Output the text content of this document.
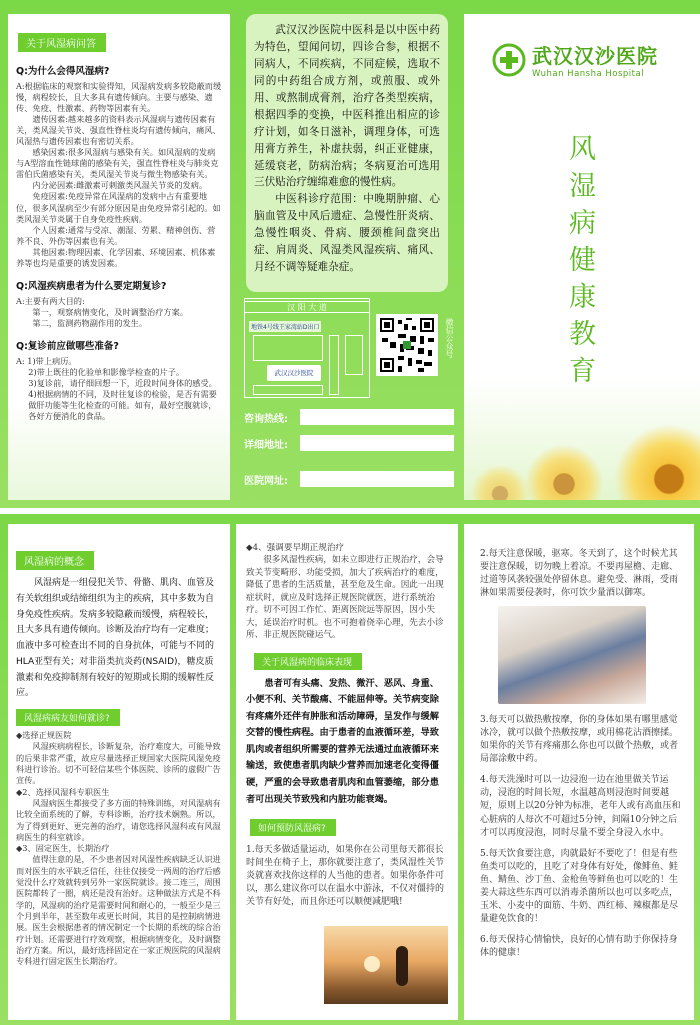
关于风湿病问答
Q:为什么会得风湿病?

A:根据临床的观察和实验得知，风湿病发病多较隐蔽而缓慢，病程较长，且大多具有遗传倾向。主要与感染、遗传、免疫、性激素、药物等因素有关。

遗传因素:越来越多的资料表示风湿病与遗传因素有关，类风湿关节炎、强直性脊柱炎均有遗传倾向，痛风、风湿热与遗传因素也有密切关系。

感染因素:很多风湿病与感染有关。如风湿病的发病与A型溶血性链球菌的感染有关，强直性脊柱炎与肺炎克雷伯氏菌感染有关，类风湿关节炎与微生物感染有关。

内分泌因素:雌激素可刺激类风湿关节炎的发病。

免疫因素:免疫异常在风湿病的发病中占有重要地位，很多风湿病至少有部分原因是由免疫异常引起的。如类风湿关节炎属于自身免疫性疾病。

个人因素:通常与受凉、潮湿、劳累、精神创伤、营养不良、外伤等因素也有关。

其他因素:物理因素、化学因素、环境因素、机体素养等也均是重要的诱发因素。

Q:风湿疾病患者为什么要定期复诊?

A:主要有两大目的:

第一，观察病情变化，及时调整治疗方案。

第二，监测药物副作用的发生。

Q:复诊前应做哪些准备?

A: 1)带上病历。

2)带上既往的化验单和影像学检查的片子。

3)复诊前，请仔细回想一下，近段时间身体的感受。

4)根据病情的不同，及时往复诊的检验，是否有需要做肝功能等生化检查的可能。如有，最好空腹就诊，各好方便消化的食品。

武汉汉沙医院中医科是以中医中药为特色，望闻问切，四诊合参，根据不同病人，不同疾病，不同症候，选取不同的中药组合成方剂，或煎服、或外用、或熬制成膏剂，治疗各类型疾病，根据四季的变换，中医科推出相应的诊疗计划，如冬日滋补，调理身体，可选用膏方养生，补虚扶弱，纠正亚健康，延缓衰老，防病治病；冬病夏治可选用三伏贴治疗缠绵难愈的慢性病。

中医科诊疗范围：中晚期肿瘤、心脑血管及中风后遗症、急慢性肝炎病、急慢性咽炎、骨病、腰颈椎间盘突出症、肩周炎、风湿类风湿疾病、痛风、月经不调等疑难杂症。

汉 阳 大 道
地铁4号线王家湾站D出口
武汉汉沙医院
微信公众号
咨询热线:
详细地址:
医院网址:
武汉汉沙医院
Wuhan Hansha Hospital
风湿病健康教育
风湿病的概念

风湿病是一组侵犯关节、骨骼、肌肉、血管及有关软组织或结缔组织为主的疾病，其中多数为自身免疫性疾病。发病多较隐蔽而缓慢，病程较长，且大多具有遗传倾向。诊断及治疗均有一定难度；血液中多可检查出不同的自身抗体，可能与不同的HLA亚型有关；对非甾类抗炎药(NSAID)，糖皮质激素和免疫抑制剂有较好的短期或长期的缓解性反应。

风湿病病友如何就诊?

◆选择正规医院

风湿疾病病程长，诊断复杂，治疗难度大，可能导致的后果非常严重，故应尽量选择正规国家大医院风湿免疫科进行诊治。切不可轻信某些个体医院、诊所的虚假广告宣传。

◆2、选择风湿科专职医生

风湿病医生都接受了多方面的特殊训练，对风湿病有比较全面系统的了解，专科诊断，治疗技术娴熟。所以，为了得到更好、更完善的治疗，请您选择风湿科或有风湿病医生的科室就诊。

◆3、固定医生，长期治疗

值得注意的是，不少患者因对风湿性疾病缺乏认识进而对医生的水平缺乏信任，往往仅接受一两周的治疗后感觉没什么疗效就转到另外一家医院就诊。接二连三，周围医院都转了一圈，病还是没有治好。这种做法方式是不科学的，风湿病的治疗是需要时间和耐心的，一般至少是三个月到半年，甚至数年或更长时间，其目的是控制病情进展。医生会根据患者的情况制定一个长期的系统的综合治疗计划。还需要进行疗效观察，根据病情变化，及时调整治疗方案。所以，最好选择固定在一家正规医院的风湿病专科进行固定医生长期治疗。

◆4、强调要早期正规治疗

很多风湿性疾病，如未立即进行正规治疗，会导致关节变畸形、功能受损，加大了疾病治疗的难度，降低了患者的生活质量，甚至危及生命。因此一出现症状时，就应及时选择正规医院就医，进行系统治疗。切不可因工作忙、距离医院远等原因，因小失大，延误治疗时机。也不可抱着侥幸心理，先去小诊所、非正规医院碰运气。

关于风湿病的临床表现

患者可有头痛、发热、微汗、恶风、身重、小便不利、关节酸痛、不能屈伸等。关节病变除有疼痛外还伴有肿胀和活动障碍，呈发作与缓解交替的慢性病程。由于患者的血液循环差，导致肌肉或者组织所需要的营养无法通过血液循环来输送，致使患者肌肉缺少营养而加速老化变得僵硬，严重的会导致患者肌肉和血管萎缩，部分患者可出现关节致残和内脏功能衰竭。

如何预防风湿病?

1.每天多做适量运动，如果你在公司里每天都很长时间坐在椅子上，那你就要注意了，类风湿性关节炎就喜欢找你这样的人当他的患者。如果你条件可以，那么建议你可以在温水中游泳，不仅对僵持的关节有好处，而且你还可以顺便减肥哦!

2.每天注意保暖，驱寒。冬天到了，这个时候尤其要注意保暖，切勿晚上着凉。不要再屋檐、走廊、过道等风袭较强处停留休息。避免受、淋雨，受雨淋如果需要侵袭时，你可饮少量酒以御寒。

3.每天可以做热敷按摩，你的身体如果有哪里感觉冰冷，就可以做个热敷按摩，或用棉花沾酒擦揉。如果你的关节有疼痛那么你也可以做个热敷，或者局部涂敷中药。

4.每天洗澡时可以一边浸泡一边在池里做关节运动，浸泡的时间长短，水温越高则浸泡时间要越短，原则上以20分钟为标准，老年人或有高血压和心脏病的人每次不可超过5分钟，间隔10分钟之后才可以再度浸泡，同时尽量不要全身浸入水中。

5.每天饮食要注意，肉就最好不要吃了！但是有些鱼类可以吃的，且吃了对身体有好处，像鲱鱼、鲑鱼、鲭鱼、沙丁鱼、金枪鱼等鲜鱼也可以吃的！生姜大蒜这些东西可以消毒杀菌所以也可以多吃点，玉米、小麦中的面筋、牛奶、西红柿、辣椒都是尽量避免饮食的！

6.每天保持心情愉快，良好的心情有助于你保持身体的健康！
